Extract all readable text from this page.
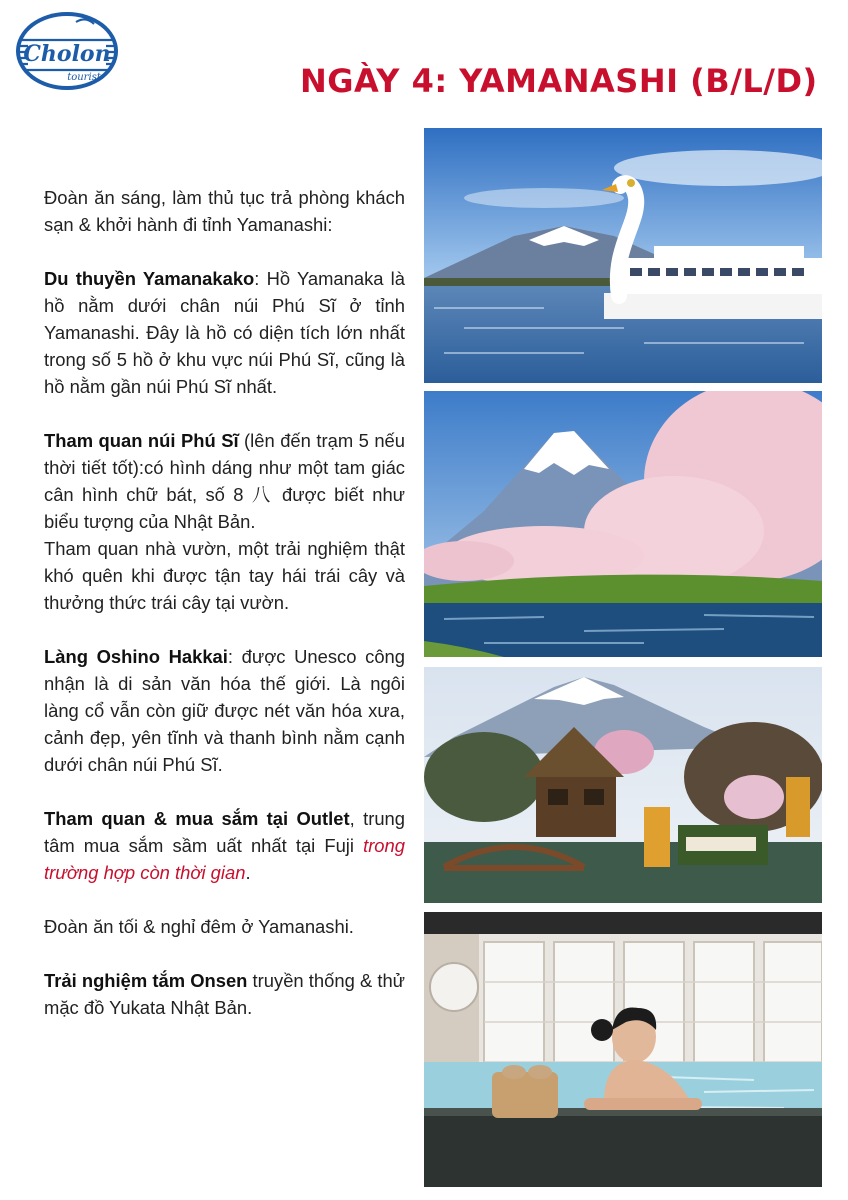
Cholon
tourist	NGÀY 4: YAMANASHI (B/L/D)

Đoàn ăn sáng, làm thủ tục trả phòng khách sạn & khởi hành đi tỉnh Yamanashi:

Du thuyền Yamanakako: Hồ Yamanaka là hồ nằm dưới chân núi Phú Sĩ ở tỉnh Yamanashi. Đây là hồ có diện tích lớn nhất trong số 5 hồ ở khu vực núi Phú Sĩ, cũng là hồ nằm gần núi Phú Sĩ nhất.

Tham quan núi Phú Sĩ (lên đến trạm 5 nếu thời tiết tốt):có hình dáng như một tam giác cân hình chữ bát, số 8 八 được biết như biểu tượng của Nhật Bản.

Tham quan nhà vườn, một trải nghiệm thật khó quên khi được tận tay hái trái cây và thưởng thức trái cây tại vườn.

Làng Oshino Hakkai: được Unesco công nhận là di sản văn hóa thế giới. Là ngôi làng cổ vẫn còn giữ được nét văn hóa xưa, cảnh đẹp, yên tĩnh và thanh bình nằm cạnh dưới chân núi Phú Sĩ.

Tham quan & mua sắm tại Outlet, trung tâm mua sắm sầm uất nhất tại Fuji trong trường hợp còn thời gian.

Đoàn ăn tối & nghỉ đêm ở Yamanashi.

Trải nghiệm tắm Onsen truyền thống & thử mặc đồ Yukata Nhật Bản.
